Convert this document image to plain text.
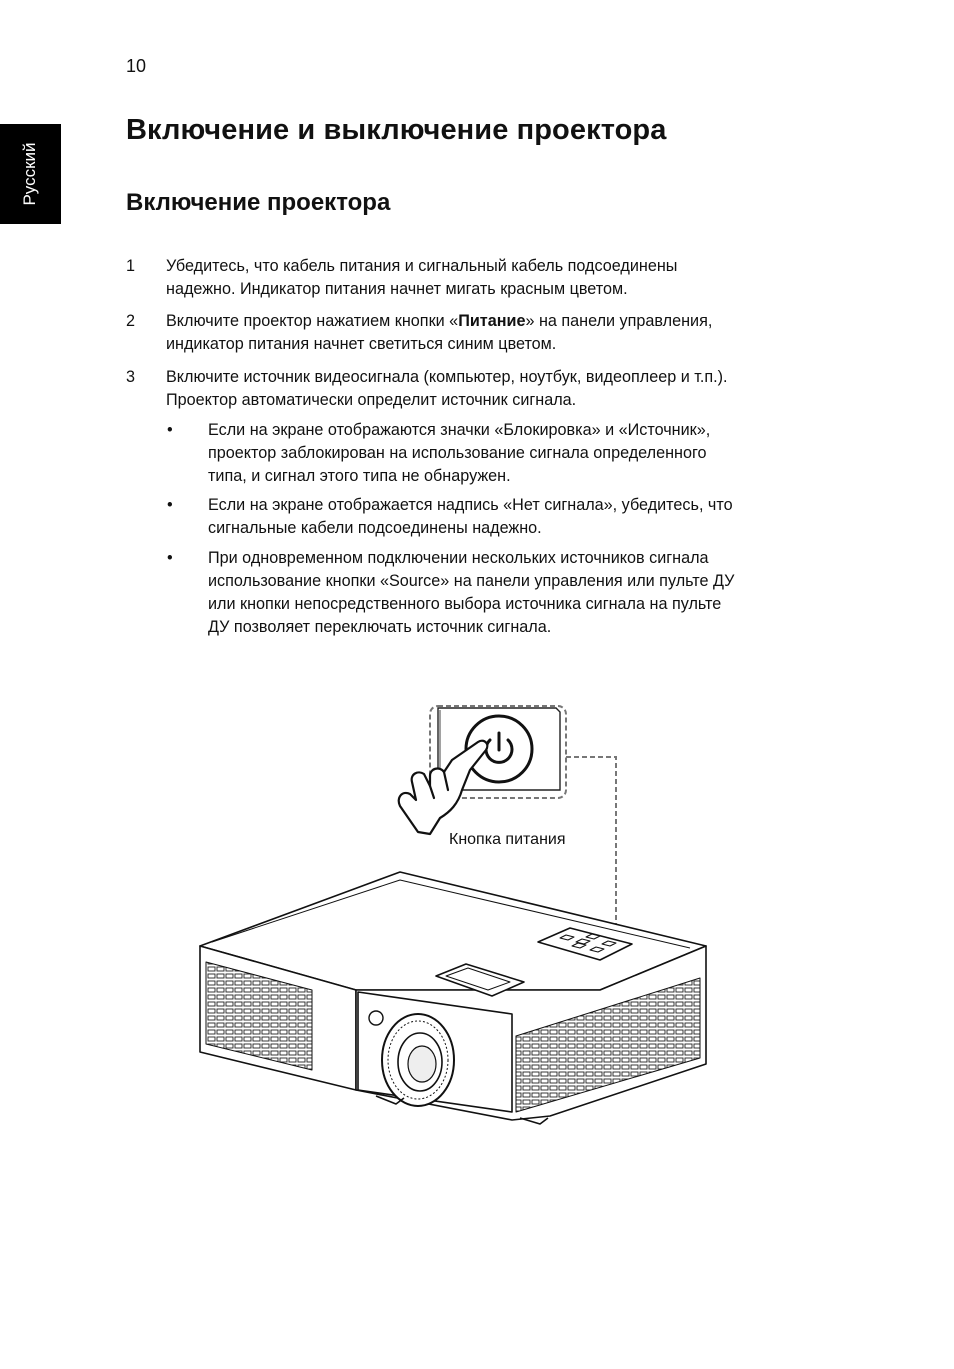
10
Русский
Включение и выключение проектора
Включение проектора
1 Убедитесь, что кабель питания и сигнальный кабель подсоединены
надежно. Индикатор питания начнет мигать красным цветом.
2 Включите проектор нажатием кнопки «Питание» на панели управления,
индикатор питания начнет светиться синим цветом.
3 Включите источник видеосигнала (компьютер, ноутбук, видеоплеер и т.п.).
Проектор автоматически определит источник сигнала.
• Если на экране отображаются значки «Блокировка» и «Источник»,
проектор заблокирован на использование сигнала определенного
типа, и сигнал этого типа не обнаружен.
• Если на экране отображается надпись «Нет сигнала», убедитесь, что
сигнальные кабели подсоединены надежно.
• При одновременном подключении нескольких источников сигнала
использование кнопки «Source» на панели управления или пульте ДУ
или кнопки непосредственного выбора источника сигнала на пульте
ДУ позволяет переключать источник сигнала.
Кнопка питания
